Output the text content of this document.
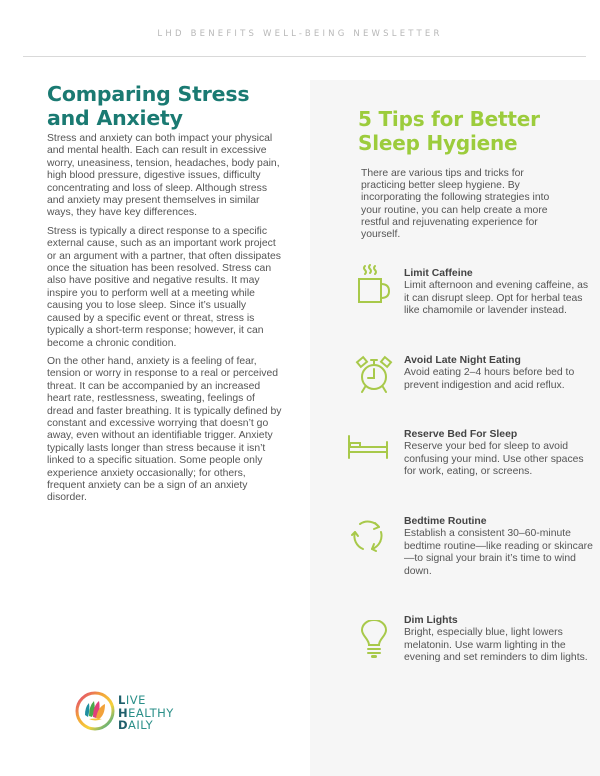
LHD BENEFITS WELL-BEING NEWSLETTER
Comparing Stress
and Anxiety

Stress and anxiety can both impact your physical and mental health. Each can result in excessive worry, uneasiness, tension, headaches, body pain, high blood pressure, digestive issues, difficulty concentrating and loss of sleep. Although stress and anxiety may present themselves in similar ways, they have key differences.

Stress is typically a direct response to a specific external cause, such as an important work project or an argument with a partner, that often dissipates once the situation has been resolved. Stress can also have positive and negative results. It may inspire you to perform well at a meeting while causing you to lose sleep. Since it’s usually caused by a specific event or threat, stress is typically a short-term response; however, it can become a chronic condition.

On the other hand, anxiety is a feeling of fear, tension or worry in response to a real or perceived threat. It can be accompanied by an increased heart rate, restlessness, sweating, feelings of dread and faster breathing. It is typically defined by constant and excessive worrying that doesn’t go away, even without an identifiable trigger. Anxiety typically lasts longer than stress because it isn’t linked to a specific situation. Some people only experience anxiety occasionally; for others, frequent anxiety can be a sign of an anxiety disorder.

5 Tips for Better
Sleep Hygiene

There are various tips and tricks for practicing better sleep hygiene. By incorporating the following strategies into your routine, you can help create a more restful and rejuvenating experience for yourself.

Limit Caffeine
Limit afternoon and evening caffeine, as it can disrupt sleep. Opt for herbal teas like chamomile or lavender instead.
Avoid Late Night Eating
Avoid eating 2–4 hours before bed to prevent indigestion and acid reflux.
Reserve Bed For Sleep
Reserve your bed for sleep to avoid confusing your mind. Use other spaces for work, eating, or screens.
Bedtime Routine
Establish a consistent 30–60-minute bedtime routine—like reading or skincare—to signal your brain it’s time to wind down.
Dim Lights
Bright, especially blue, light lowers melatonin. Use warm lighting in the evening and set reminders to dim lights.
LIVE
HEALTHY
DAILY
